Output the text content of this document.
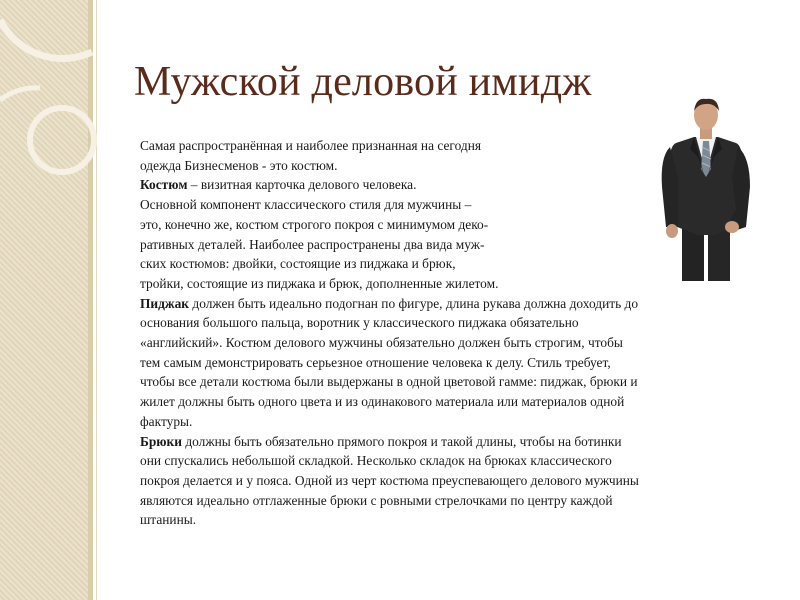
Мужской деловой имидж
Самая распространённая и наиболее признанная на сегодня
одежда Бизнесменов - это костюм.
Костюм – визитная карточка делового человека.
Основной компонент классического стиля для мужчины –
это, конечно же, костюм строгого покроя с минимумом деко-
ративных деталей. Наиболее распространены два вида муж-
ских костюмов: двойки, состоящие из пиджака и брюк,
тройки, состоящие из пиджака и брюк, дополненные жилетом.
Пиджак должен быть идеально подогнан по фигуре, длина рукава должна доходить до
основания большого пальца, воротник у классического пиджака обязательно
«английский». Костюм делового мужчины обязательно должен быть строгим, чтобы
тем самым демонстрировать серьезное отношение человека к делу. Стиль требует,
чтобы все детали костюма были выдержаны в одной цветовой гамме: пиджак, брюки и
жилет должны быть одного цвета и из одинакового материала или материалов одной
фактуры.
Брюки должны быть обязательно прямого покроя и такой длины, чтобы на ботинки
они спускались небольшой складкой. Несколько складок на брюках классического
покроя делается и у пояса. Одной из черт костюма преуспевающего делового мужчины
являются идеально отглаженные брюки с ровными стрелочками по центру каждой
штанины.
